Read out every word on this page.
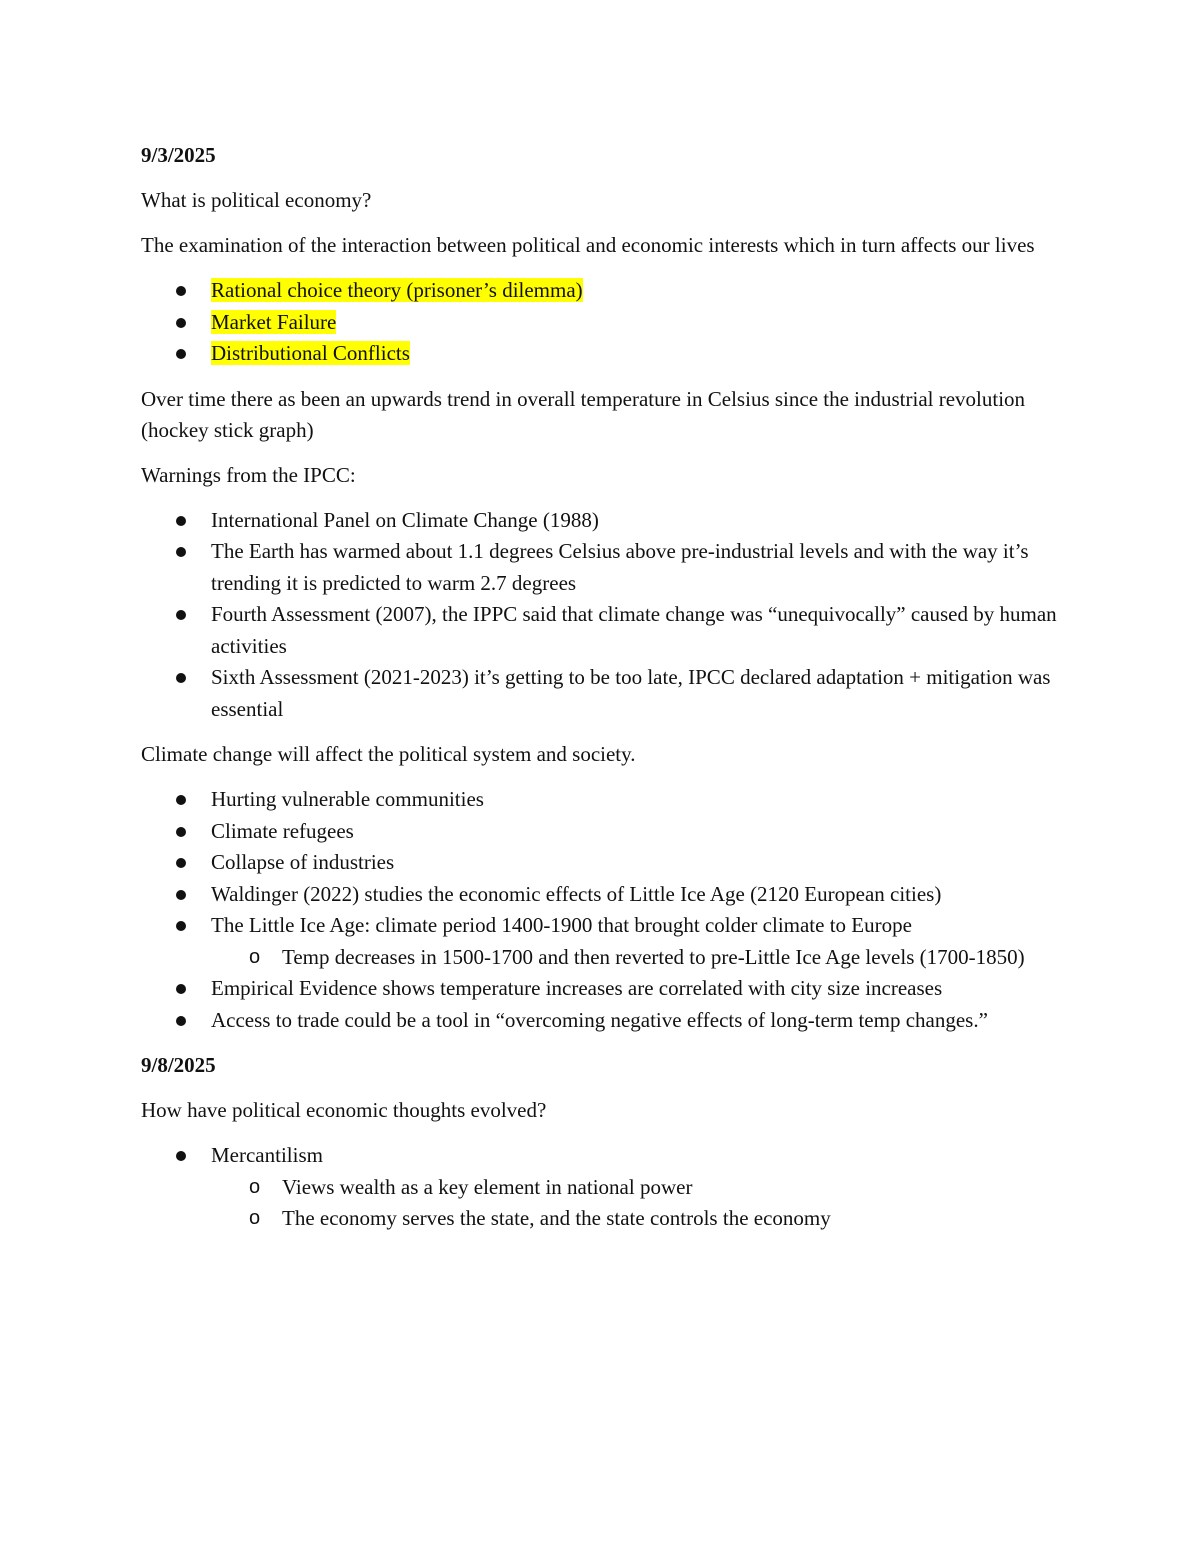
9/3/2025

What is political economy?

The examination of the interaction between political and economic interests which in turn affects our lives

Rational choice theory (prisoner’s dilemma)
Market Failure
Distributional Conflicts

Over time there as been an upwards trend in overall temperature in Celsius since the industrial revolution (hockey stick graph)

Warnings from the IPCC:

International Panel on Climate Change (1988)
The Earth has warmed about 1.1 degrees Celsius above pre-industrial levels and with the way it’s trending it is predicted to warm 2.7 degrees
Fourth Assessment (2007), the IPPC said that climate change was “unequivocally” caused by human activities
Sixth Assessment (2021-2023) it’s getting to be too late, IPCC declared adaptation + mitigation was essential

Climate change will affect the political system and society.

Hurting vulnerable communities
Climate refugees
Collapse of industries
Waldinger (2022) studies the economic effects of Little Ice Age (2120 European cities)
The Little Ice Age: climate period 1400-1900 that brought colder climate to Europe
o Temp decreases in 1500-1700 and then reverted to pre-Little Ice Age levels (1700-1850)
Empirical Evidence shows temperature increases are correlated with city size increases
Access to trade could be a tool in “overcoming negative effects of long-term temp changes.”

9/8/2025

How have political economic thoughts evolved?

Mercantilism
o Views wealth as a key element in national power
o The economy serves the state, and the state controls the economy
